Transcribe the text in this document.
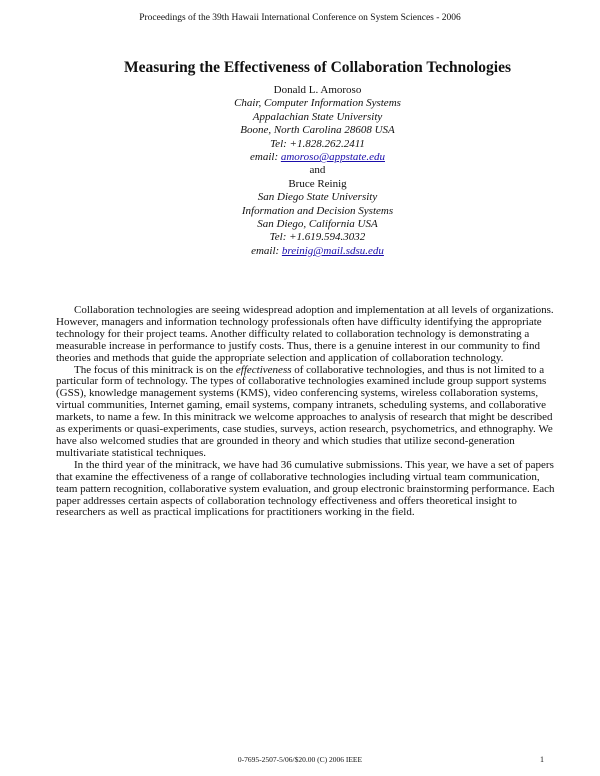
Proceedings of the 39th Hawaii International Conference on System Sciences - 2006
Measuring the Effectiveness of Collaboration Technologies
Donald L. Amoroso
Chair, Computer Information Systems
Appalachian State University
Boone, North Carolina 28608 USA
Tel: +1.828.262.2411
email: amoroso@appstate.edu
and
Bruce Reinig
San Diego State University
Information and Decision Systems
San Diego, California USA
Tel: +1.619.594.3032
email: breinig@mail.sdsu.edu

Collaboration technologies are seeing widespread adoption and implementation at all levels of organizations. However, managers and information technology professionals often have difficulty identifying the appropriate technology for their project teams. Another difficulty related to collaboration technology is demonstrating a measurable increase in performance to justify costs. Thus, there is a genuine interest in our community to find theories and methods that guide the appropriate selection and application of collaboration technology.

The focus of this minitrack is on the effectiveness of collaborative technologies, and thus is not limited to a particular form of technology. The types of collaborative technologies examined include group support systems (GSS), knowledge management systems (KMS), video conferencing systems, wireless collaboration systems, virtual communities, Internet gaming, email systems, company intranets, scheduling systems, and collaborative markets, to name a few. In this minitrack we welcome approaches to analysis of research that might be described as experiments or quasi-experiments, case studies, surveys, action research, psychometrics, and ethnography. We have also welcomed studies that are grounded in theory and which studies that utilize second-generation multivariate statistical techniques.

In the third year of the minitrack, we have had 36 cumulative submissions. This year, we have a set of papers that examine the effectiveness of a range of collaborative technologies including virtual team communication, team pattern recognition, collaborative system evaluation, and group electronic brainstorming performance. Each paper addresses certain aspects of collaboration technology effectiveness and offers theoretical insight to researchers as well as practical implications for practitioners working in the field.

0-7695-2507-5/06/$20.00 (C) 2006 IEEE	1
